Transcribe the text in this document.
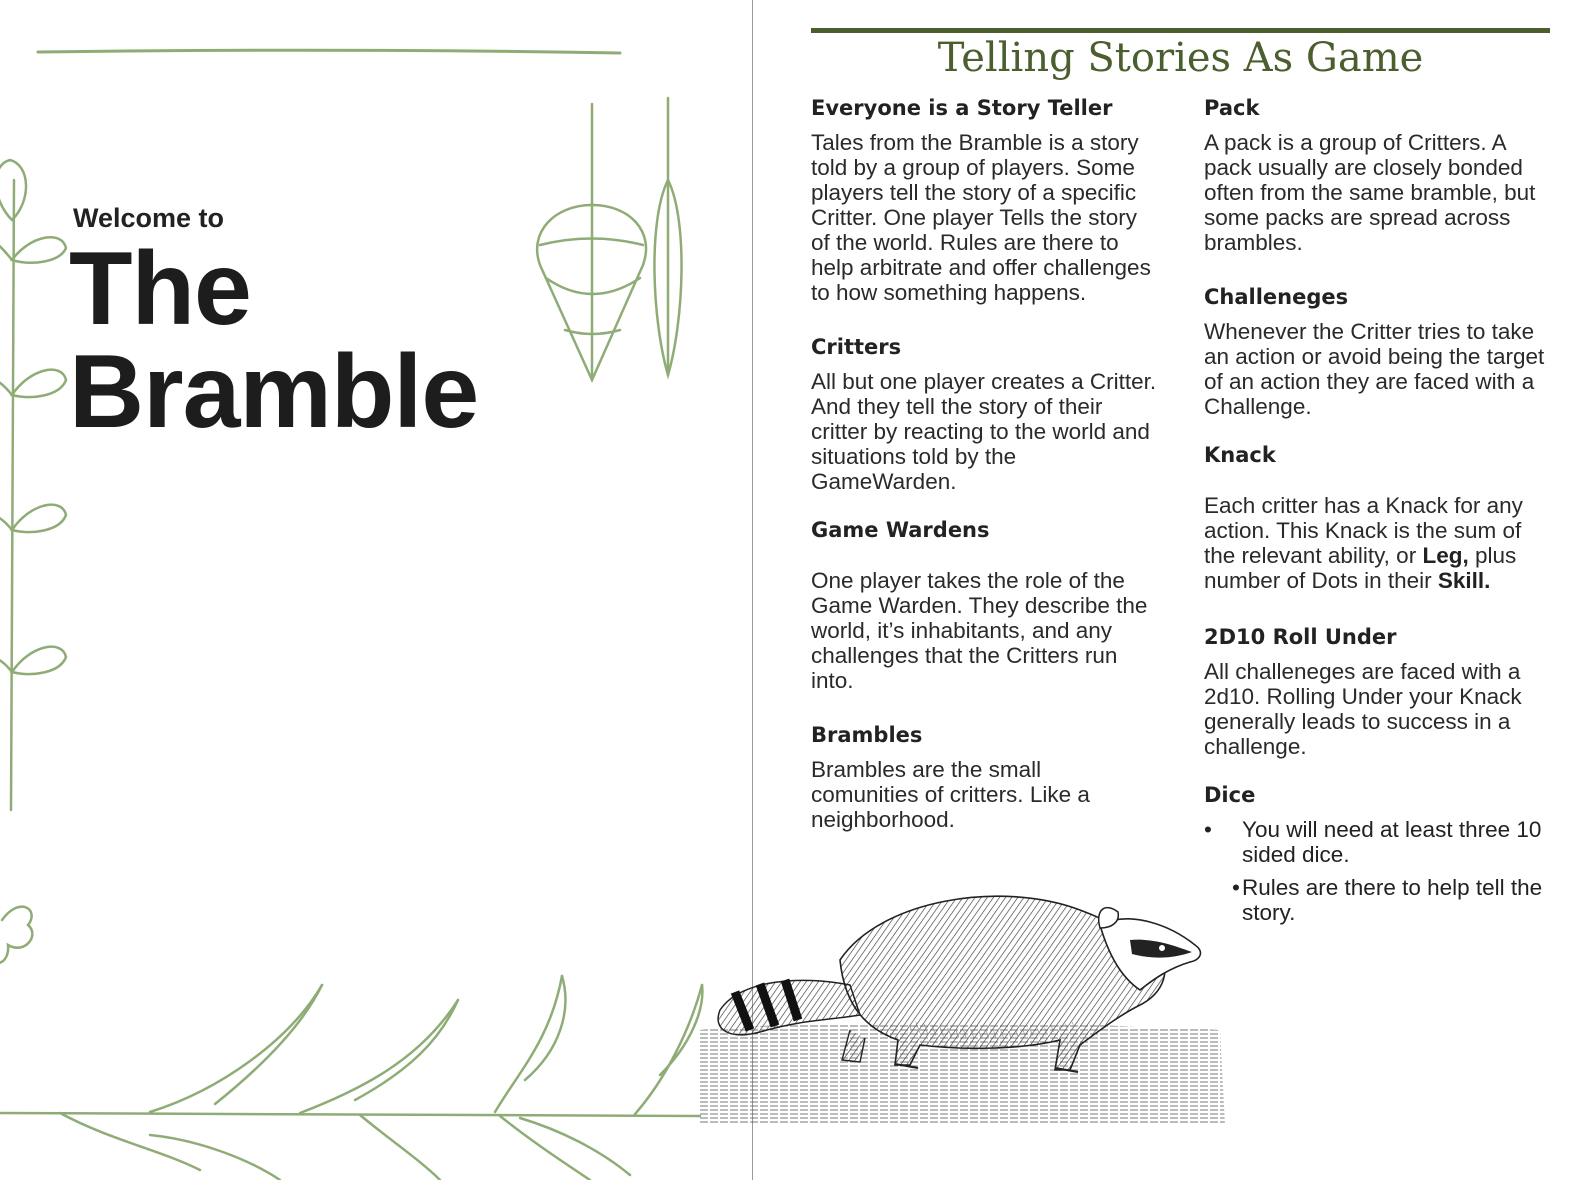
Welcome to
The
Bramble
Telling Stories As Game
Everyone is a Story Teller

Tales from the Bramble is a story told by a group of players. Some players tell the story of a specific Critter. One player Tells the story of the world. Rules are there to help arbitrate and offer challenges to how something happens.

Critters

All but one player creates a Critter. And they tell the story of their critter by reacting to the world and situations told by the GameWarden.

Game Wardens

One player takes the role of the Game Warden. They describe the world, it’s inhabitants, and any challenges that the Critters run into.

Brambles

Brambles are the small comunities of critters. Like a neighborhood.

Pack

A pack is a group of Critters. A pack usually are closely bonded often from the same bramble, but some packs are spread across brambles.

Challeneges

Whenever the Critter tries to take an action or avoid being the target of an action they are faced with a Challenge.

Knack

Each critter has a Knack for any action. This Knack is the sum of the relevant ability, or Leg, plus number of Dots in their Skill.

2D10 Roll Under

All challeneges are faced with a 2d10. Rolling Under your Knack generally leads to success in a challenge.

Dice
• You will need at least three 10 sided dice.
• Rules are there to help tell the story.
